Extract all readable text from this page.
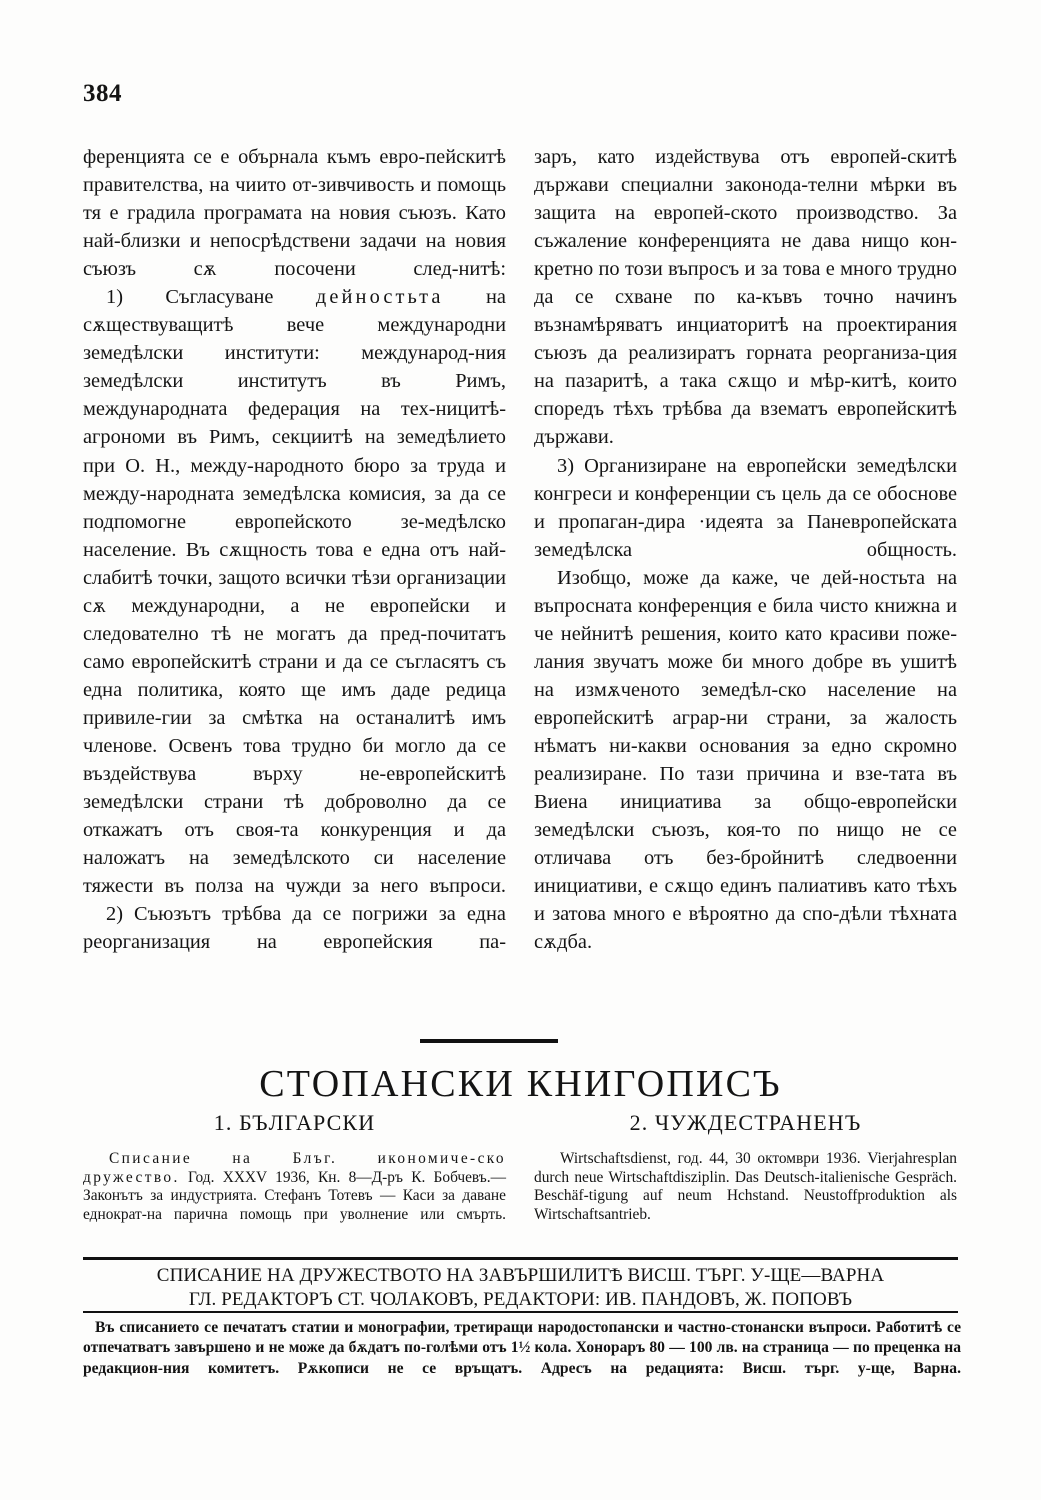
384

ференцията се е обърнала къмъ евро-пейскитѣ правителства, на чиито от-зивчивость и помощь тя е градила програмата на новия съюзъ. Като най-близки и непосрѣдствени задачи на новия съюзъ сѫ посочени след-нитѣ:

1) Съгласуване дейностьта на сѫществуващитѣ вече международни земедѣлски институти: международ-ния земедѣлски институтъ въ Римъ, международната федерация на тех-ницитѣ-агрономи въ Римъ, секциитѣ на земедѣлието при О. Н., между-народното бюро за труда и между-народната земедѣлска комисия, за да се подпомогне европейското зе-медѣлско население. Въ сѫщность това е една отъ най-слабитѣ точки, защото всички тѣзи организации сѫ международни, а не европейски и следователно тѣ не могатъ да пред-почитатъ само европейскитѣ страни и да се съгласятъ съ една политика, която ще имъ даде редица привиле-гии за смѣтка на останалитѣ имъ членове. Освенъ това трудно би могло да се въздействува върху не-европейскитѣ земедѣлски страни тѣ доброволно да се откажатъ отъ своя-та конкуренция и да наложатъ на земедѣлското си население тяжести въ полза на чужди за него въпроси.

2) Съюзътъ трѣбва да се погрижи за една реорганизация на европейския па-

заръ, като издействува отъ европей-скитѣ държави специални законода-телни мѣрки въ защита на европей-ското производство. За съжаление конференцията не дава нищо кон-кретно по този въпросъ и за това е много трудно да се схване по ка-къвъ точно начинъ възнамѣряватъ инциаторитѣ на проектирания съюзъ да реализиратъ горната реорганиза-ция на пазаритѣ, а така сѫщо и мѣр-китѣ, които споредъ тѣхъ трѣбва да взематъ европейскитѣ държави.

3) Организиране на европейски земедѣлски конгреси и конференции съ цель да се обоснове и пропаган-дира ·идеята за Паневропейската земедѣлска общность.

Изобщо, може да каже, че дей-ностьта на въпросната конференция е била чисто книжна и че нейнитѣ решения, които като красиви поже-лания звучатъ може би много добре въ ушитѣ на измѫченото земедѣл-ско население на европейскитѣ аграр-ни страни, за жалость нѣматъ ни-какви основания за едно скромно реализиране. По тази причина и взе-тата въ Виена инициатива за общо-европейски земедѣлски съюзъ, коя-то по нищо не се отличава отъ без-бройнитѣ следвоенни инициативи, е сѫщо единъ палиативъ като тѣхъ и затова много е вѣроятно да спо-дѣли тѣхната сѫдба.

СТОПАНСКИ КНИГОПИСЪ
1. БЪЛГАРСКИ	2. ЧУЖДЕСТРАНЕНЪ

Списание на Блъг. икономиче-ско дружество. Год. XXXV 1936, Кн. 8—Д-ръ К. Бобчевъ.—Законътъ за индустрията. Стефанъ Тотевъ — Каси за даване еднократ-на парична помощь при уволнение или смърть.

Wirtschaftsdienst, год. 44, 30 октомври 1936. Vierjahresplan durch neue Wirtschaftdisziplin. Das Deutsch-italienische Gespräch. Beschäf-tigung auf neum Hchstand. Neustoffproduktion als Wirtschaftsantrieb.

СПИСАНИЕ НА ДРУЖЕСТВОТО НА ЗАВЪРШИЛИТѢ ВИСШ. ТЪРГ. У-ЩЕ—ВАРНА
ГЛ. РЕДАКТОРЪ СТ. ЧОЛАКОВЪ, РЕДАКТОРИ: ИВ. ПАНДОВЪ, Ж. ПОПОВЪ

Въ списанието се печататъ статии и монографии, третиращи народостопански и частно-стонански въпроси. Работитѣ се отпечатватъ завършено и не може да бѫдатъ по-голѣми отъ 1½ кола. Хонораръ 80 — 100 лв. на страница — по преценка на редакцион-ния комитетъ. Рѫкописи не се връщатъ. Адресъ на редацията: Висш. търг. у-ще, Варна.
